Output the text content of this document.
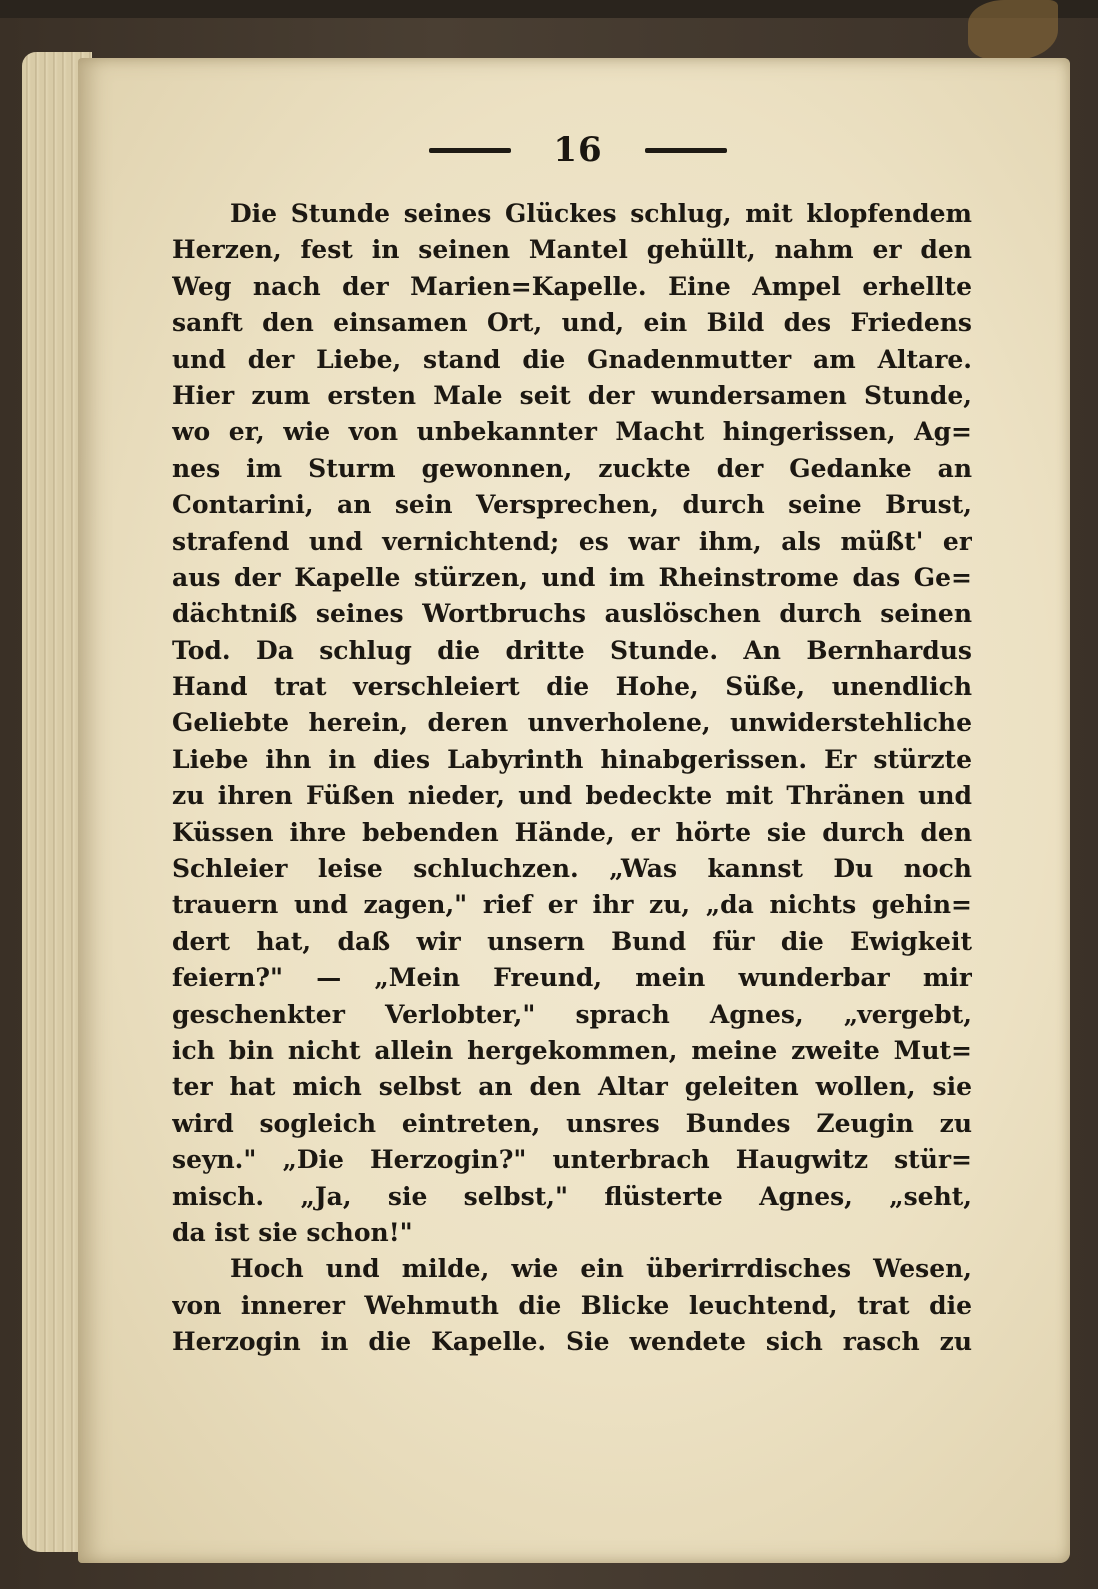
16
Die Stunde seines Glückes schlug, mit klopfendem
Herzen, fest in seinen Mantel gehüllt, nahm er den
Weg nach der Marien=Kapelle. Eine Ampel erhellte
sanft den einsamen Ort, und, ein Bild des Friedens
und der Liebe, stand die Gnadenmutter am Altare.
Hier zum ersten Male seit der wundersamen Stunde,
wo er, wie von unbekannter Macht hingerissen, Ag=
nes im Sturm gewonnen, zuckte der Gedanke an
Contarini, an sein Versprechen, durch seine Brust,
strafend und vernichtend; es war ihm, als müßt' er
aus der Kapelle stürzen, und im Rheinstrome das Ge=
dächtniß seines Wortbruchs auslöschen durch seinen
Tod. Da schlug die dritte Stunde. An Bernhardus
Hand trat verschleiert die Hohe, Süße, unendlich
Geliebte herein, deren unverholene, unwiderstehliche
Liebe ihn in dies Labyrinth hinabgerissen. Er stürzte
zu ihren Füßen nieder, und bedeckte mit Thränen und
Küssen ihre bebenden Hände, er hörte sie durch den
Schleier leise schluchzen. „Was kannst Du noch
trauern und zagen," rief er ihr zu, „da nichts gehin=
dert hat, daß wir unsern Bund für die Ewigkeit
feiern?" — „Mein Freund, mein wunderbar mir
geschenkter Verlobter," sprach Agnes, „vergebt,
ich bin nicht allein hergekommen, meine zweite Mut=
ter hat mich selbst an den Altar geleiten wollen, sie
wird sogleich eintreten, unsres Bundes Zeugin zu
seyn." „Die Herzogin?" unterbrach Haugwitz stür=
misch. „Ja, sie selbst," flüsterte Agnes, „seht,
da ist sie schon!"
Hoch und milde, wie ein überirrdisches Wesen,
von innerer Wehmuth die Blicke leuchtend, trat die
Herzogin in die Kapelle. Sie wendete sich rasch zu
